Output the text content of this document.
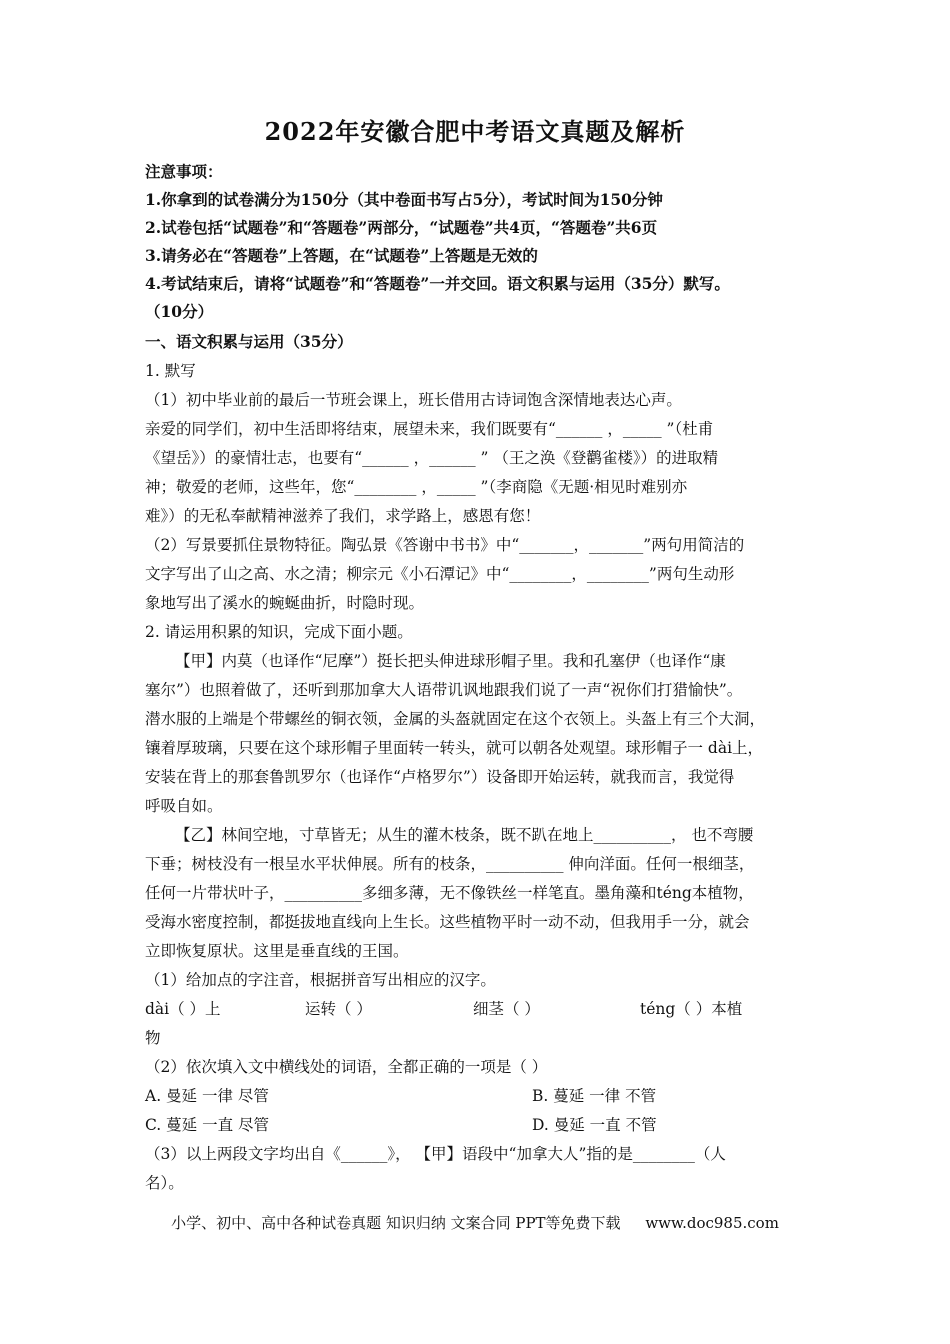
2022年安徽合肥中考语文真题及解析
注意事项：
1.你拿到的试卷满分为150分（其中卷面书写占5分），考试时间为150分钟
2.试卷包括“试题卷”和“答题卷”两部分，“试题卷”共4页，“答题卷”共6页
3.请务必在“答题卷”上答题，在“试题卷”上答题是无效的
4.考试结束后，请将“试题卷”和“答题卷”一并交回。语文积累与运用（35分）默写。
（10分）
一、语文积累与运用（35分）
1. 默写
（1）初中毕业前的最后一节班会课上，班长借用古诗词饱含深情地表达心声。
亲爱的同学们，初中生活即将结束，展望未来，我们既要有“______ ，_____ ”（杜甫
《望岳》）的豪情壮志，也要有“______ ，______ ” （王之涣《登鹳雀楼》）的进取精
神；敬爱的老师，这些年，您“________ ，_____ ”（李商隐《无题·相见时难别亦
难》）的无私奉献精神滋养了我们，求学路上，感恩有您！
（2）写景要抓住景物特征。陶弘景《答谢中书书》中“_______，_______”两句用简洁的
文字写出了山之高、水之清；柳宗元《小石潭记》中“________，________”两句生动形
象地写出了溪水的蜿蜒曲折，时隐时现。
2. 请运用积累的知识，完成下面小题。
【甲】内莫（也译作“尼摩”）挺长把头伸进球形帽子里。我和孔塞伊（也译作“康
塞尔”）也照着做了，还听到那加拿大人语带讥讽地跟我们说了一声“祝你们打猎愉快”。
潜水服的上端是个带螺丝的铜衣领，金属的头盔就固定在这个衣领上。头盔上有三个大洞，
镶着厚玻璃，只要在这个球形帽子里面转一转头，就可以朝各处观望。球形帽子一 dài上，
安装在背上的那套鲁凯罗尔（也译作“卢格罗尔”）设备即开始运转，就我而言，我觉得
呼吸自如。
【乙】林间空地，寸草皆无；从生的灌木枝条，既不趴在地上__________， 也不弯腰
下垂；树枝没有一根呈水平状伸展。所有的枝条，__________ 伸向洋面。任何一根细茎，
任何一片带状叶子，__________多细多薄，无不像铁丝一样笔直。墨角藻和téng本植物，
受海水密度控制，都挺拔地直线向上生长。这些植物平时一动不动，但我用手一分，就会
立即恢复原状。这里是垂直线的王国。
（1）给加点的字注音，根据拼音写出相应的汉字。
dài（ ）上	运转（ ）	细茎（ ）	téng（ ）本植
物
（2）依次填入文中横线处的词语，全都正确的一项是（ ）
A. 曼延 一律 尽管	B. 蔓延 一律 不管
C. 蔓延 一直 尽管	D. 曼延 一直 不管
（3）以上两段文字均出自《______》， 【甲】语段中“加拿大人”指的是________（人
名）。
小学、初中、高中各种试卷真题 知识归纳 文案合同 PPT等免费下载 www.doc985.com
